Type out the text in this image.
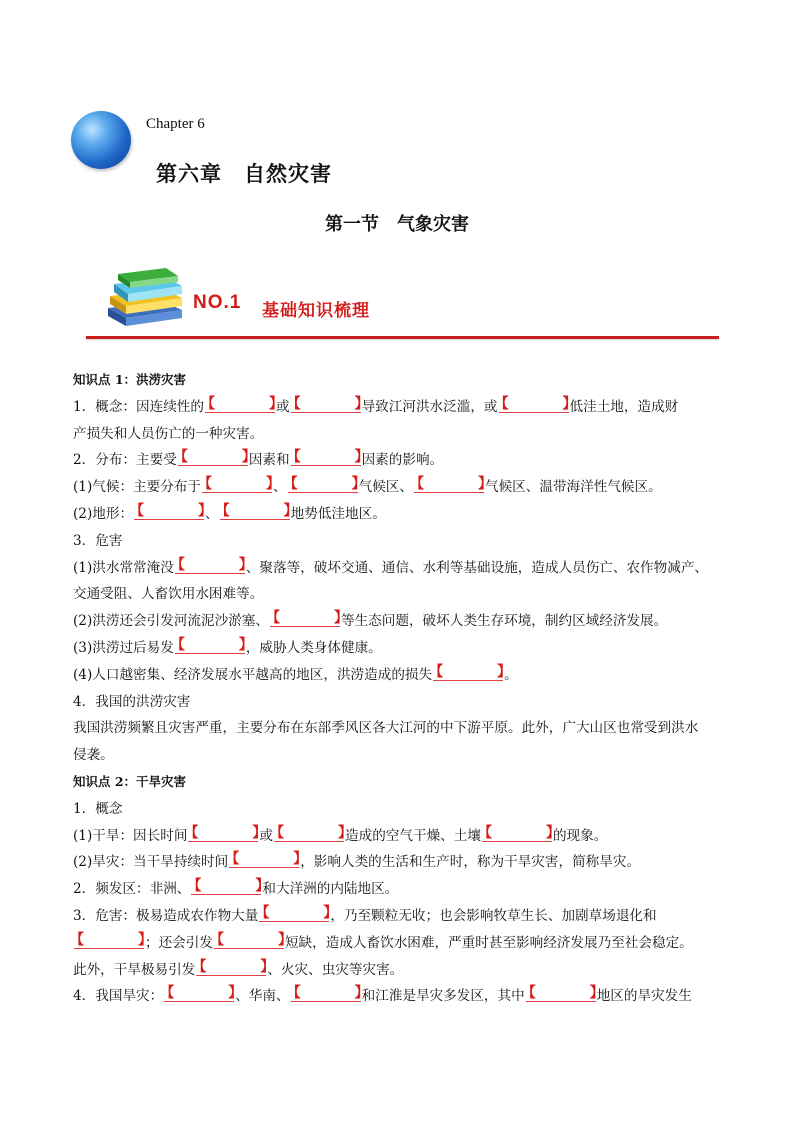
Chapter 6
第六章　自然灾害
第一节　气象灾害
NO.1 基础知识梳理

知识点 1：洪涝灾害

1．概念：因连续性的 【 】	或 【 】	导致江河洪水泛滥，或 【 】	低洼土地，造成财

产损失和人员伤亡的一种灾害。

2．分布：主要受 【 】	因素和 【 】	因素的影响。

(1)气候：主要分布于 【 】	、 【 】	气候区、 【 】	气候区、温带海洋性气候区。

(2)地形： 【 】	、 【 】	地势低洼地区。

3．危害

(1)洪水常常淹没 【 】	、聚落等，破坏交通、通信、水利等基础设施，造成人员伤亡、农作物减产、

交通受阻、人畜饮用水困难等。

(2)洪涝还会引发河流泥沙淤塞、 【 】	等生态问题，破坏人类生存环境，制约区域经济发展。

(3)洪涝过后易发 【 】	，威胁人类身体健康。

(4)人口越密集、经济发展水平越高的地区，洪涝造成的损失 【 】	。

4．我国的洪涝灾害

我国洪涝频繁且灾害严重，主要分布在东部季风区各大江河的中下游平原。此外，广大山区也常受到洪水

侵袭。

知识点 2：干旱灾害

1．概念

(1)干旱：因长时间 【 】	或 【 】	造成的空气干燥、土壤 【 】	的现象。

(2)旱灾：当干旱持续时间 【 】	，影响人类的生活和生产时，称为干旱灾害，简称旱灾。

2．频发区：非洲、 【 】	和大洋洲的内陆地区。

3．危害：极易造成农作物大量 【 】	，乃至颗粒无收；也会影响牧草生长、加剧草场退化和

【 】；还会引发 【 】	短缺，造成人畜饮水困难，严重时甚至影响经济发展乃至社会稳定。

此外，干旱极易引发 【 】	、火灾、虫灾等灾害。

4．我国旱灾： 【 】	、华南、 【 】	和江淮是旱灾多发区，其中 【 】	地区的旱灾发生
